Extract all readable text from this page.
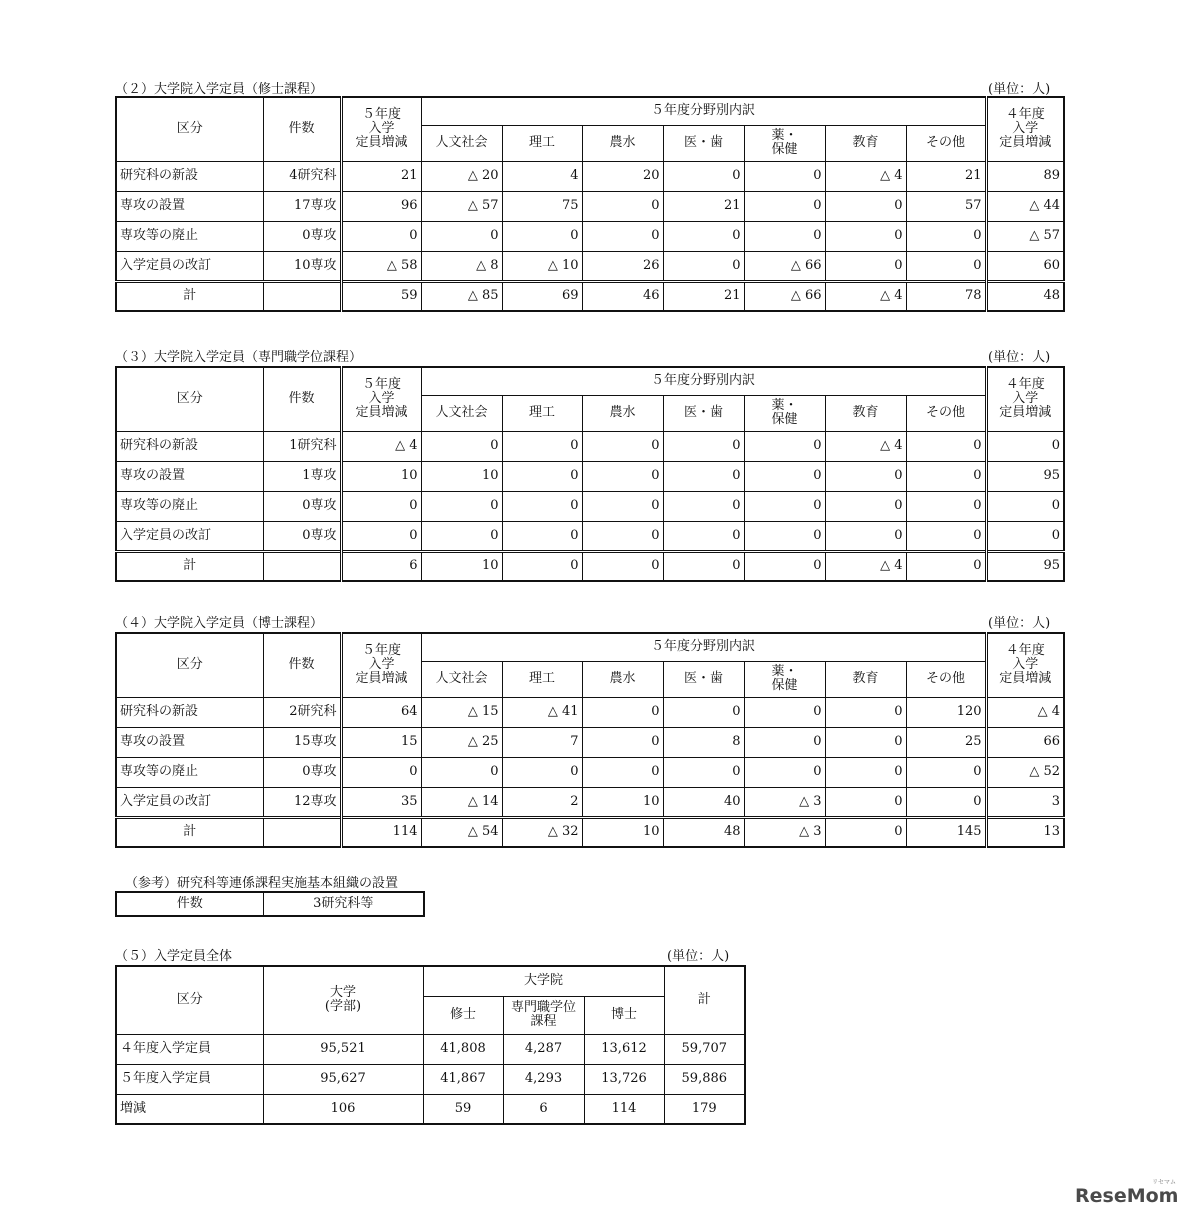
（２）大学院入学定員（修士課程）	(単位：人)
区分	件数	５年度
入学
定員増減	５年度分野別内訳							４年度
入学
定員増減
			人文社会	理工	農水	医・歯	薬・
保健	教育	その他	
研究科の新設	4研究科	21	△ 20	4	20	0	0	△ 4	21	89
専攻の設置	17専攻	96	△ 57	75	0	21	0	0	57	△ 44
専攻等の廃止	0専攻	0	0	0	0	0	0	0	0	△ 57
入学定員の改訂	10専攻	△ 58	△ 8	△ 10	26	0	△ 66	0	0	60
計		59	△ 85	69	46	21	△ 66	△ 4	78	48
（３）大学院入学定員（専門職学位課程）	(単位：人)
区分	件数	５年度
入学
定員増減	５年度分野別内訳							４年度
入学
定員増減
			人文社会	理工	農水	医・歯	薬・
保健	教育	その他	
研究科の新設	1研究科	△ 4	0	0	0	0	0	△ 4	0	0
専攻の設置	1専攻	10	10	0	0	0	0	0	0	95
専攻等の廃止	0専攻	0	0	0	0	0	0	0	0	0
入学定員の改訂	0専攻	0	0	0	0	0	0	0	0	0
計		6	10	0	0	0	0	△ 4	0	95
（４）大学院入学定員（博士課程）	(単位：人)
区分	件数	５年度
入学
定員増減	５年度分野別内訳							４年度
入学
定員増減
			人文社会	理工	農水	医・歯	薬・
保健	教育	その他	
研究科の新設	2研究科	64	△ 15	△ 41	0	0	0	0	120	△ 4
専攻の設置	15専攻	15	△ 25	7	0	8	0	0	25	66
専攻等の廃止	0専攻	0	0	0	0	0	0	0	0	△ 52
入学定員の改訂	12専攻	35	△ 14	2	10	40	△ 3	0	0	3
計		114	△ 54	△ 32	10	48	△ 3	0	145	13
（参考）研究科等連係課程実施基本組織の設置
件数	3研究科等
（５）入学定員全体	(単位：人)
区分	大学
(学部)	大学院			計
		修士	専門職学位
課程	博士	
４年度入学定員	95,521	41,808	4,287	13,612	59,707
５年度入学定員	95,627	41,867	4,293	13,726	59,886
増減	106	59	6	114	179
ReseMom
リセマム
